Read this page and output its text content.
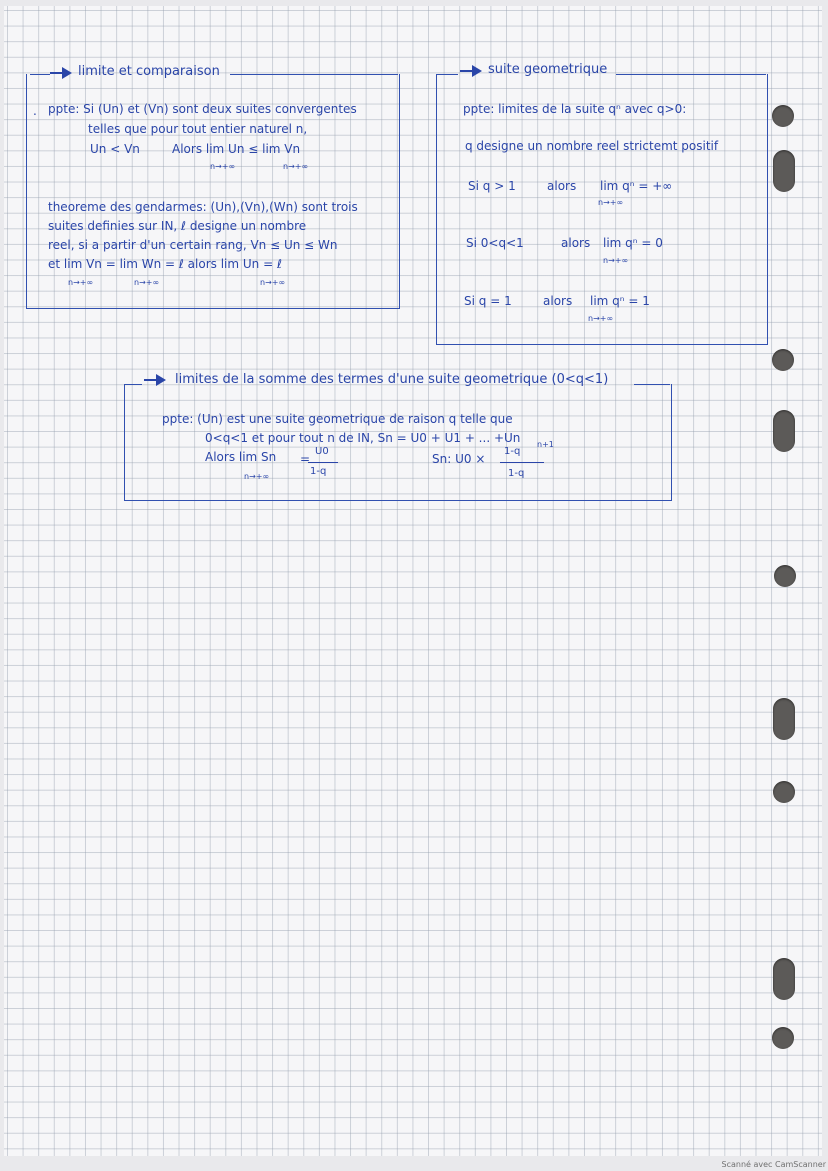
limite et comparaison
. ppte: Si (Un) et (Vn) sont deux suites convergentes
telles que pour tout entier naturel n,
Un < Vn	Alors lim Un ≤ lim Vn
n→+∞	n→+∞
theoreme des gendarmes: (Un),(Vn),(Wn) sont trois
suites definies sur IN, ℓ designe un nombre
reel, si a partir d'un certain rang, Vn ≤ Un ≤ Wn
et lim Vn = lim Wn = ℓ alors lim Un = ℓ
n→+∞	n→+∞	n→+∞
suite geometrique
ppte: limites de la suite qⁿ avec q>0:
q designe un nombre reel strictemt positif
Si q > 1	alors lim qⁿ = +∞
n→+∞
Si 0<q<1	alors lim qⁿ = 0
n→+∞
Si q = 1	alors lim qⁿ = 1
n→+∞
limites de la somme des termes d'une suite geometrique (0<q<1)
ppte: (Un) est une suite geometrique de raison q telle que
0<q<1 et pour tout n de IN, Sn = U0 + U1 + ... +Un
Alors lim Sn =
U0
1-q
n→+∞
Sn: U0 ×
1-q
n+1
1-q
Scanné avec CamScanner
